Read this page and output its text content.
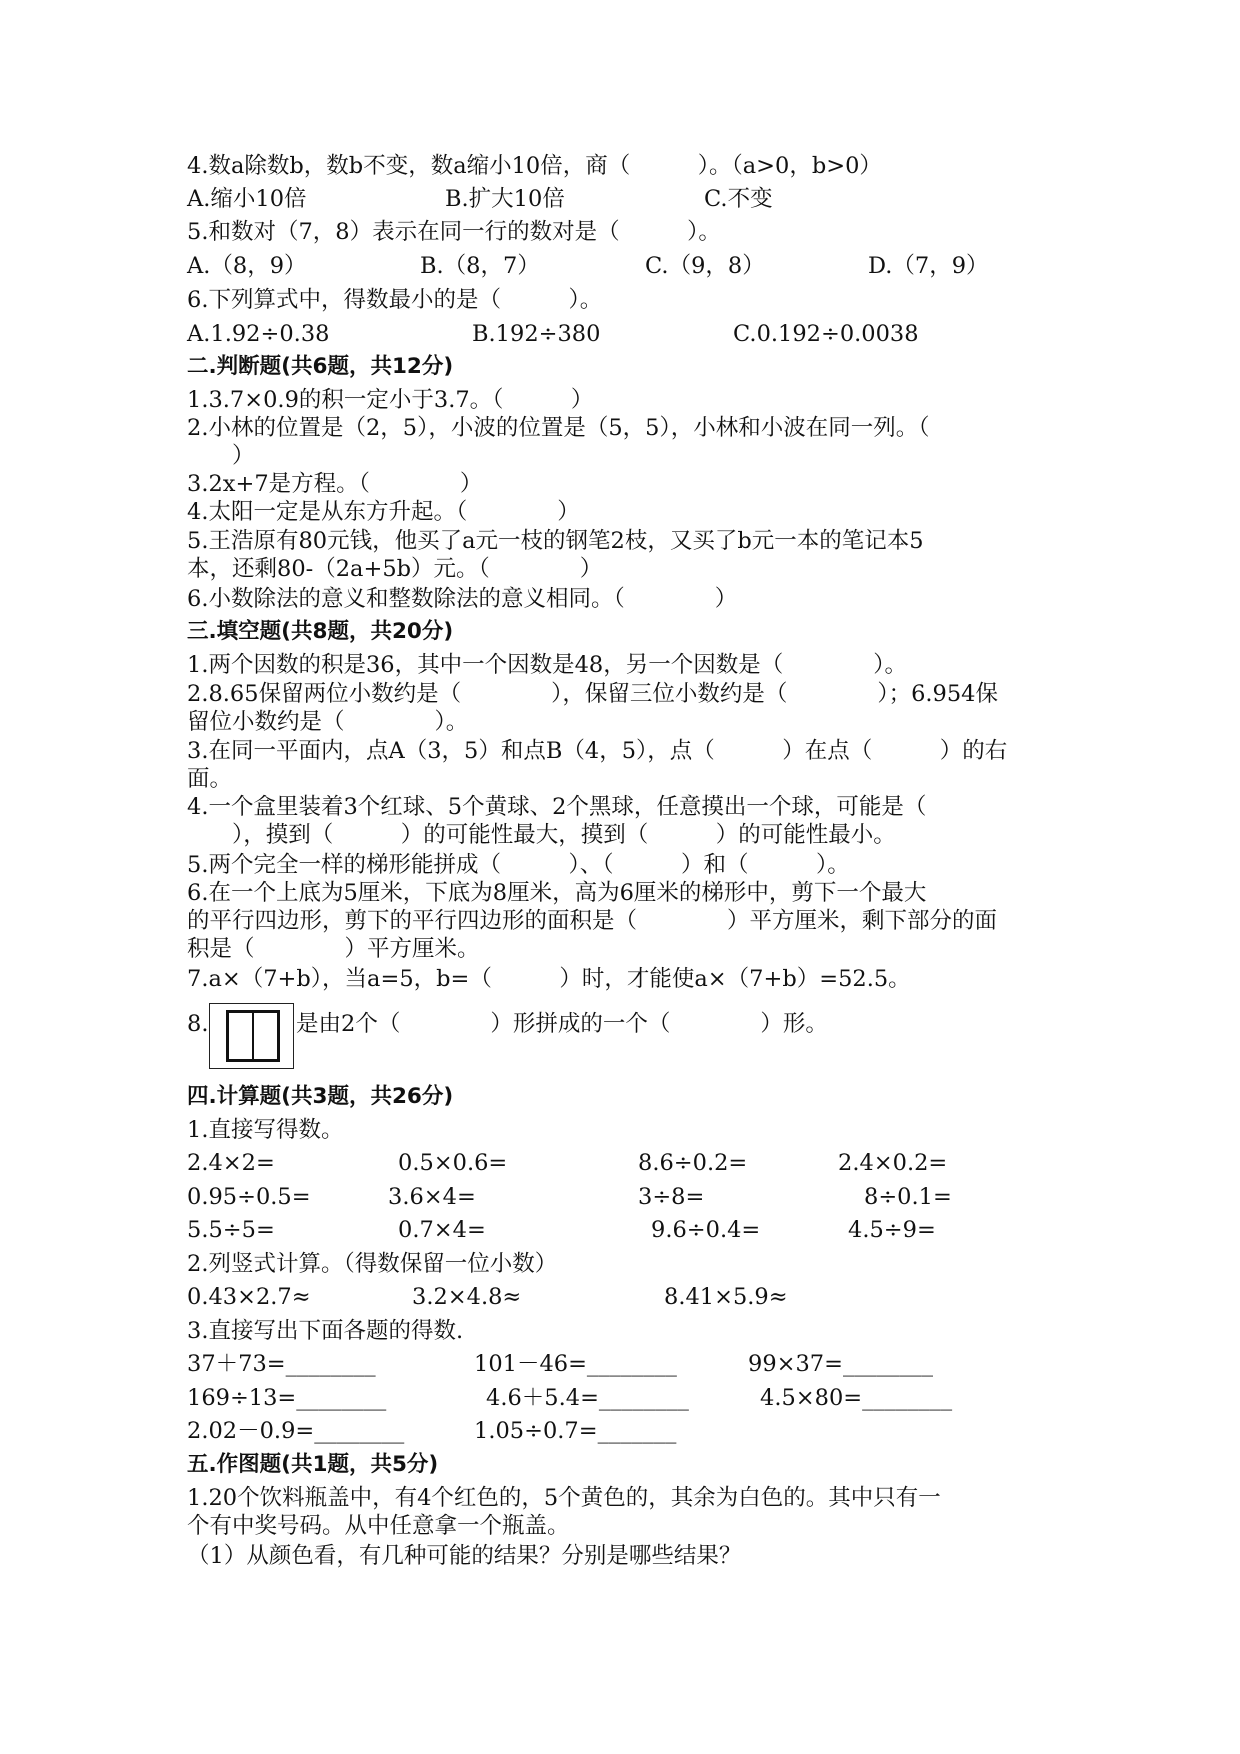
4.数a除数b，数b不变，数a缩小10倍，商（　　　）。（a>0，b>0）
A.缩小10倍	B.扩大10倍	C.不变
5.和数对（7，8）表示在同一行的数对是（　　　）。
A.（8，9）	B.（8，7）	C.（9，8）	D.（7，9）
6.下列算式中，得数最小的是（　　　）。
A.1.92÷0.38	B.192÷380	C.0.192÷0.0038
二.判断题(共6题，共12分)
1.3.7×0.9的积一定小于3.7。（　　　）
2.小林的位置是（2，5），小波的位置是（5，5），小林和小波在同一列。（
　　）
3.2x+7是方程。（　　　　）
4.太阳一定是从东方升起。（　　　　）
5.王浩原有80元钱，他买了a元一枝的钢笔2枝，又买了b元一本的笔记本5
本，还剩80-（2a+5b）元。（　　　　）
6.小数除法的意义和整数除法的意义相同。（　　　　）
三.填空题(共8题，共20分)
1.两个因数的积是36，其中一个因数是48，另一个因数是（　　　　）。
2.8.65保留两位小数约是（　　　　），保留三位小数约是（　　　　）；6.954保
留位小数约是（　　　　）。
3.在同一平面内，点A（3，5）和点B（4，5），点（　　　）在点（　　　）的右
面。
4.一个盒里装着3个红球、5个黄球、2个黑球，任意摸出一个球，可能是（
　　），摸到（　　　）的可能性最大，摸到（　　　）的可能性最小。
5.两个完全一样的梯形能拼成（　　　）、（　　　）和（　　　）。
6.在一个上底为5厘米，下底为8厘米，高为6厘米的梯形中，剪下一个最大
的平行四边形，剪下的平行四边形的面积是（　　　　）平方厘米，剩下部分的面
积是（　　　　）平方厘米。
7.a×（7+b），当a=5，b=（　　　）时，才能使a×（7+b）=52.5。
8.	是由2个（　　　　）形拼成的一个（　　　　）形。
四.计算题(共3题，共26分)
1.直接写得数。
2.4×2=	0.5×0.6=	8.6÷0.2=	2.4×0.2=
0.95÷0.5=	3.6×4=	3÷8=	8÷0.1=
5.5÷5=	0.7×4=	9.6÷0.4=	4.5÷9=
2.列竖式计算。（得数保留一位小数）
0.43×2.7≈	3.2×4.8≈	8.41×5.9≈
3.直接写出下面各题的得数.
37＋73=________	101－46=________	99×37=________
169÷13=________	4.6＋5.4=________	4.5×80=________
2.02－0.9=________	1.05÷0.7=_______
五.作图题(共1题，共5分)
1.20个饮料瓶盖中，有4个红色的，5个黄色的，其余为白色的。其中只有一
个有中奖号码。从中任意拿一个瓶盖。
（1）从颜色看，有几种可能的结果？分别是哪些结果？
